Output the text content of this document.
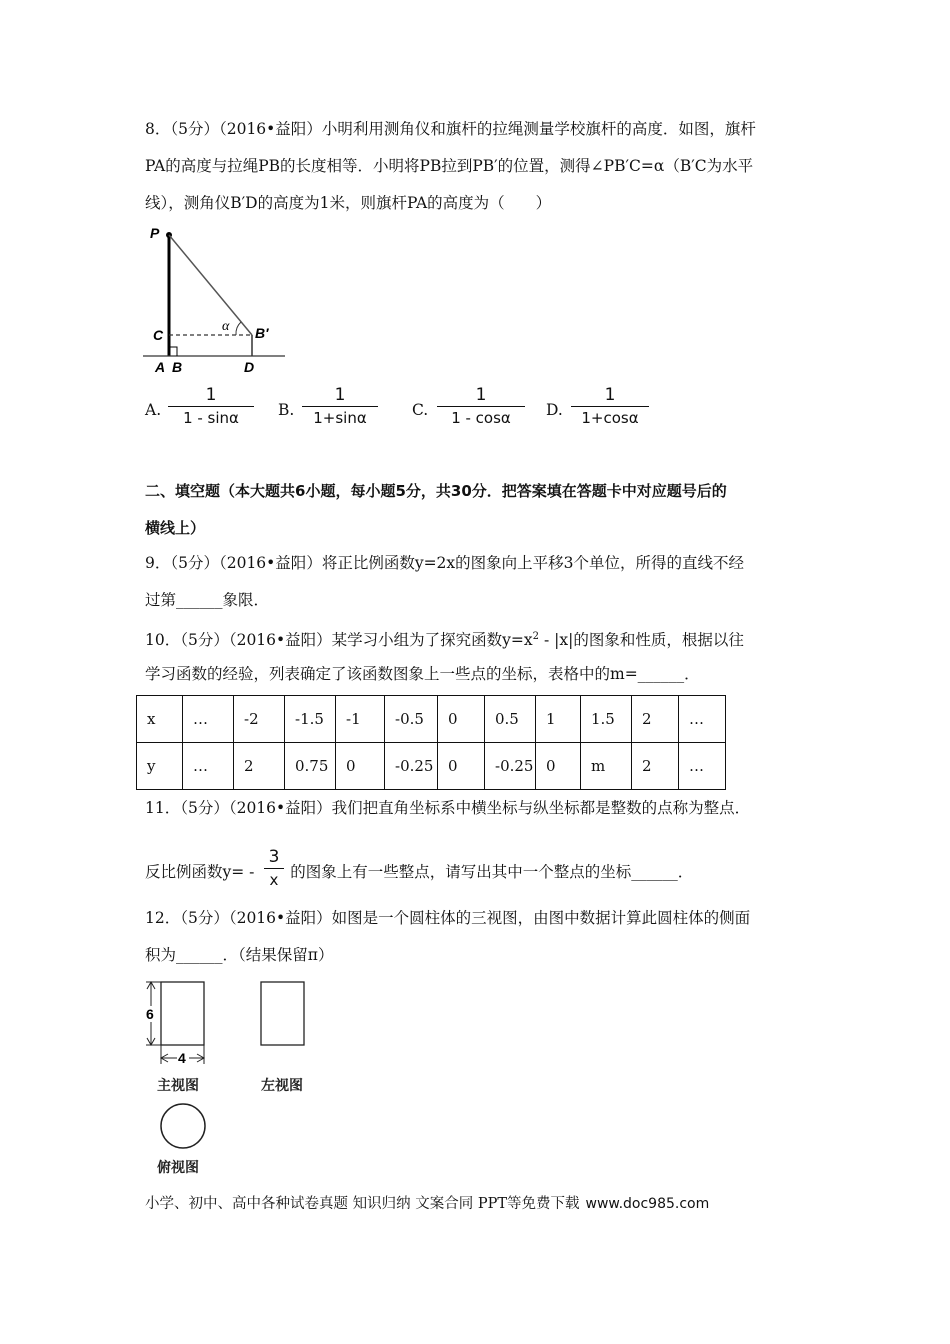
8．（5分）（2016•益阳）小明利用测角仪和旗杆的拉绳测量学校旗杆的高度．如图，旗杆
PA的高度与拉绳PB的长度相等．小明将PB拉到PB′的位置，测得∠PB′C=α（B′C为水平
线），测角仪B′D的高度为1米，则旗杆PA的高度为（　　）
P
C
α B′
A B	D
A.
1
1 - sinα	B.
1
1+sinα	C.
1
1 - cosα	D.
1
1+cosα
二、填空题（本大题共6小题，每小题5分，共30分．把答案填在答题卡中对应题号后的
横线上）
9．（5分）（2016•益阳）将正比例函数y=2x的图象向上平移3个单位，所得的直线不经
过第______象限．
10．（5分）（2016•益阳）某学习小组为了探究函数$y=x^2 - |x|$的图象和性质，根据以往
学习函数的经验，列表确定了该函数图象上一些点的坐标，表格中的m=______．
x	…	-2	-1.5	-1	-0.5	0	0.5	1	1.5	2	…
y	…	2	0.75	0	-0.25	0	-0.25	0	m	2	…
11．（5分）（2016•益阳）我们把直角坐标系中横坐标与纵坐标都是整数的点称为整点．
反比例函数y= - 的图象上有一些整点，请写出其中一个整点的坐标______．
3
x
12．（5分）（2016•益阳）如图是一个圆柱体的三视图，由图中数据计算此圆柱体的侧面
积为______．（结果保留π）
6
4
主视图	左视图
俯视图
小学、初中、高中各种试卷真题 知识归纳 文案合同 PPT等免费下载 www.doc985.com
